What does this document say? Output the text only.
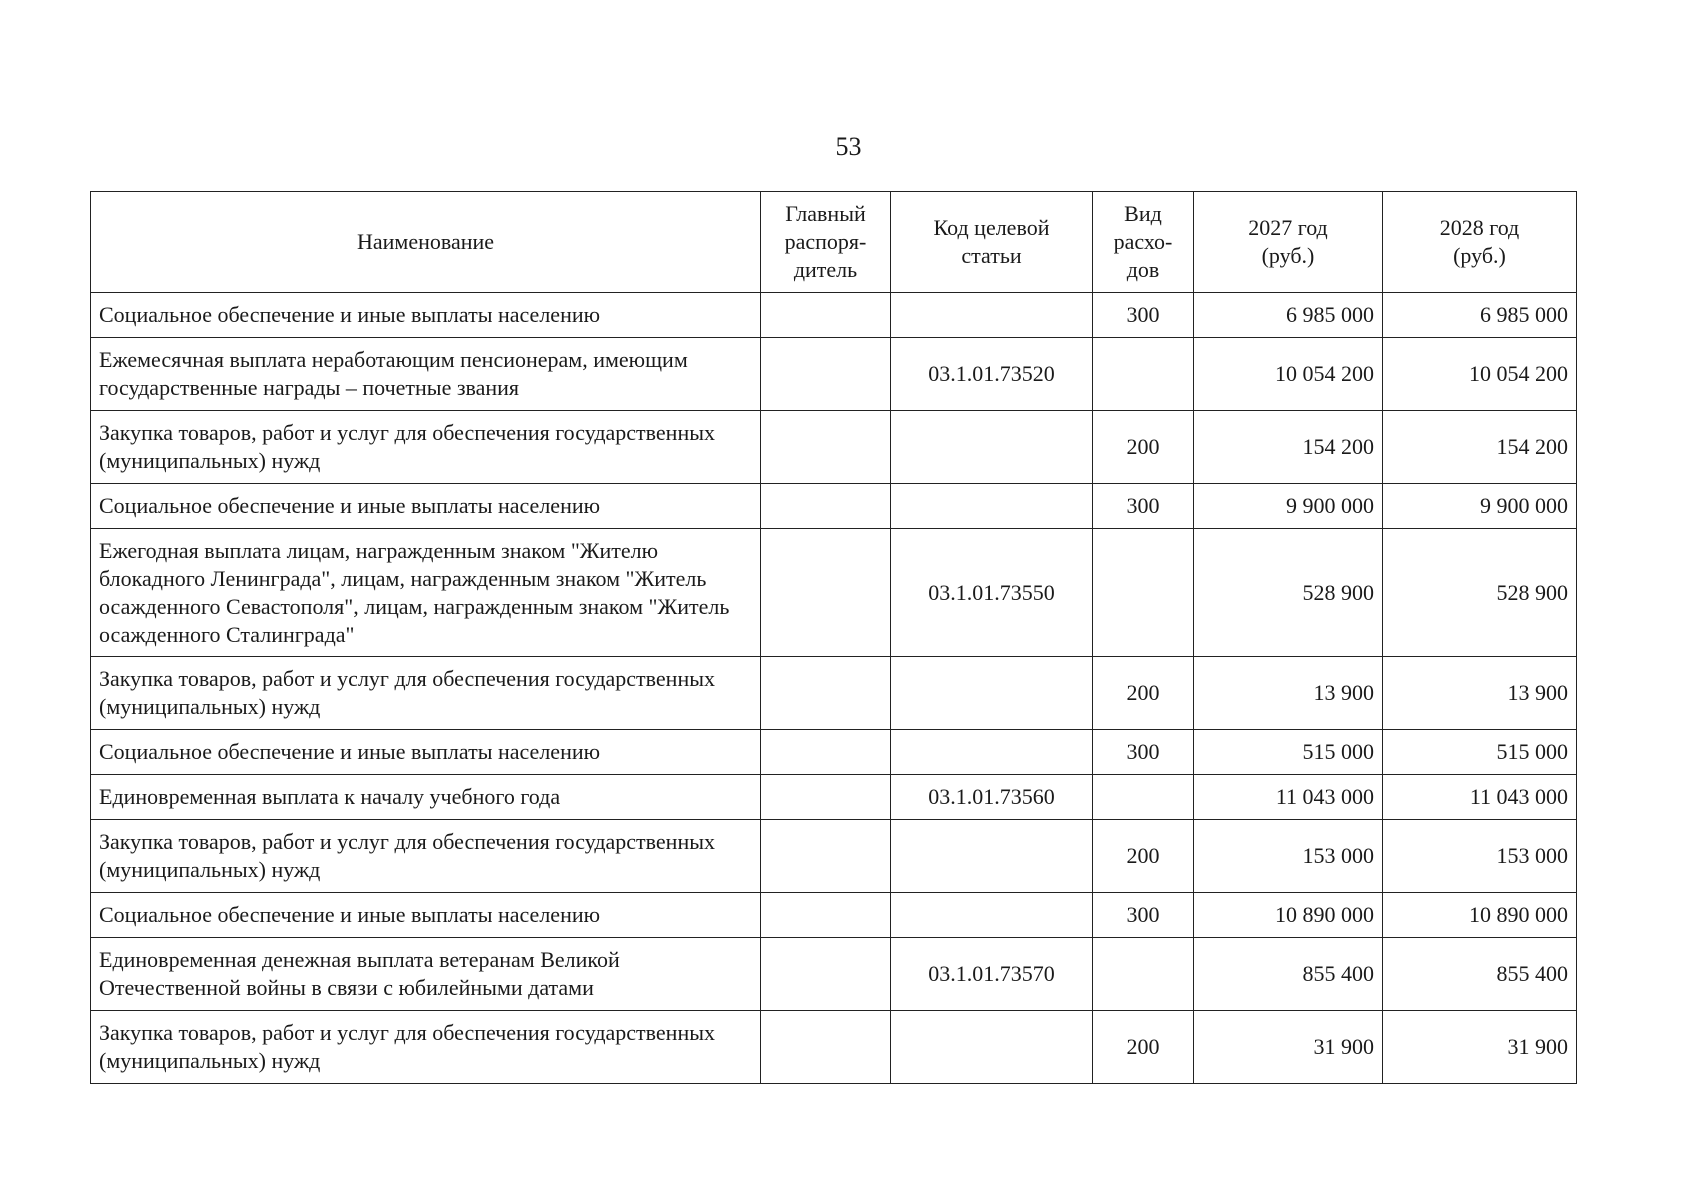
53
Наименование	Главный распоря-дитель	Код целевой статьи	Вид расхо-дов	2027 год (руб.)	2028 год (руб.)
Социальное обеспечение и иные выплаты населению			300	6 985 000	6 985 000
Ежемесячная выплата неработающим пенсионерам, имеющим государственные награды – почетные звания		03.1.01.73520		10 054 200	10 054 200
Закупка товаров, работ и услуг для обеспечения государственных (муниципальных) нужд			200	154 200	154 200
Социальное обеспечение и иные выплаты населению			300	9 900 000	9 900 000
Ежегодная выплата лицам, награжденным знаком "Жителю блокадного Ленинграда", лицам, награжденным знаком "Житель осажденного Севастополя", лицам, награжденным знаком "Житель осажденного Сталинграда"		03.1.01.73550		528 900	528 900
Закупка товаров, работ и услуг для обеспечения государственных (муниципальных) нужд			200	13 900	13 900
Социальное обеспечение и иные выплаты населению			300	515 000	515 000
Единовременная выплата к началу учебного года		03.1.01.73560		11 043 000	11 043 000
Закупка товаров, работ и услуг для обеспечения государственных (муниципальных) нужд			200	153 000	153 000
Социальное обеспечение и иные выплаты населению			300	10 890 000	10 890 000
Единовременная денежная выплата ветеранам Великой Отечественной войны в связи с юбилейными датами		03.1.01.73570		855 400	855 400
Закупка товаров, работ и услуг для обеспечения государственных (муниципальных) нужд			200	31 900	31 900
